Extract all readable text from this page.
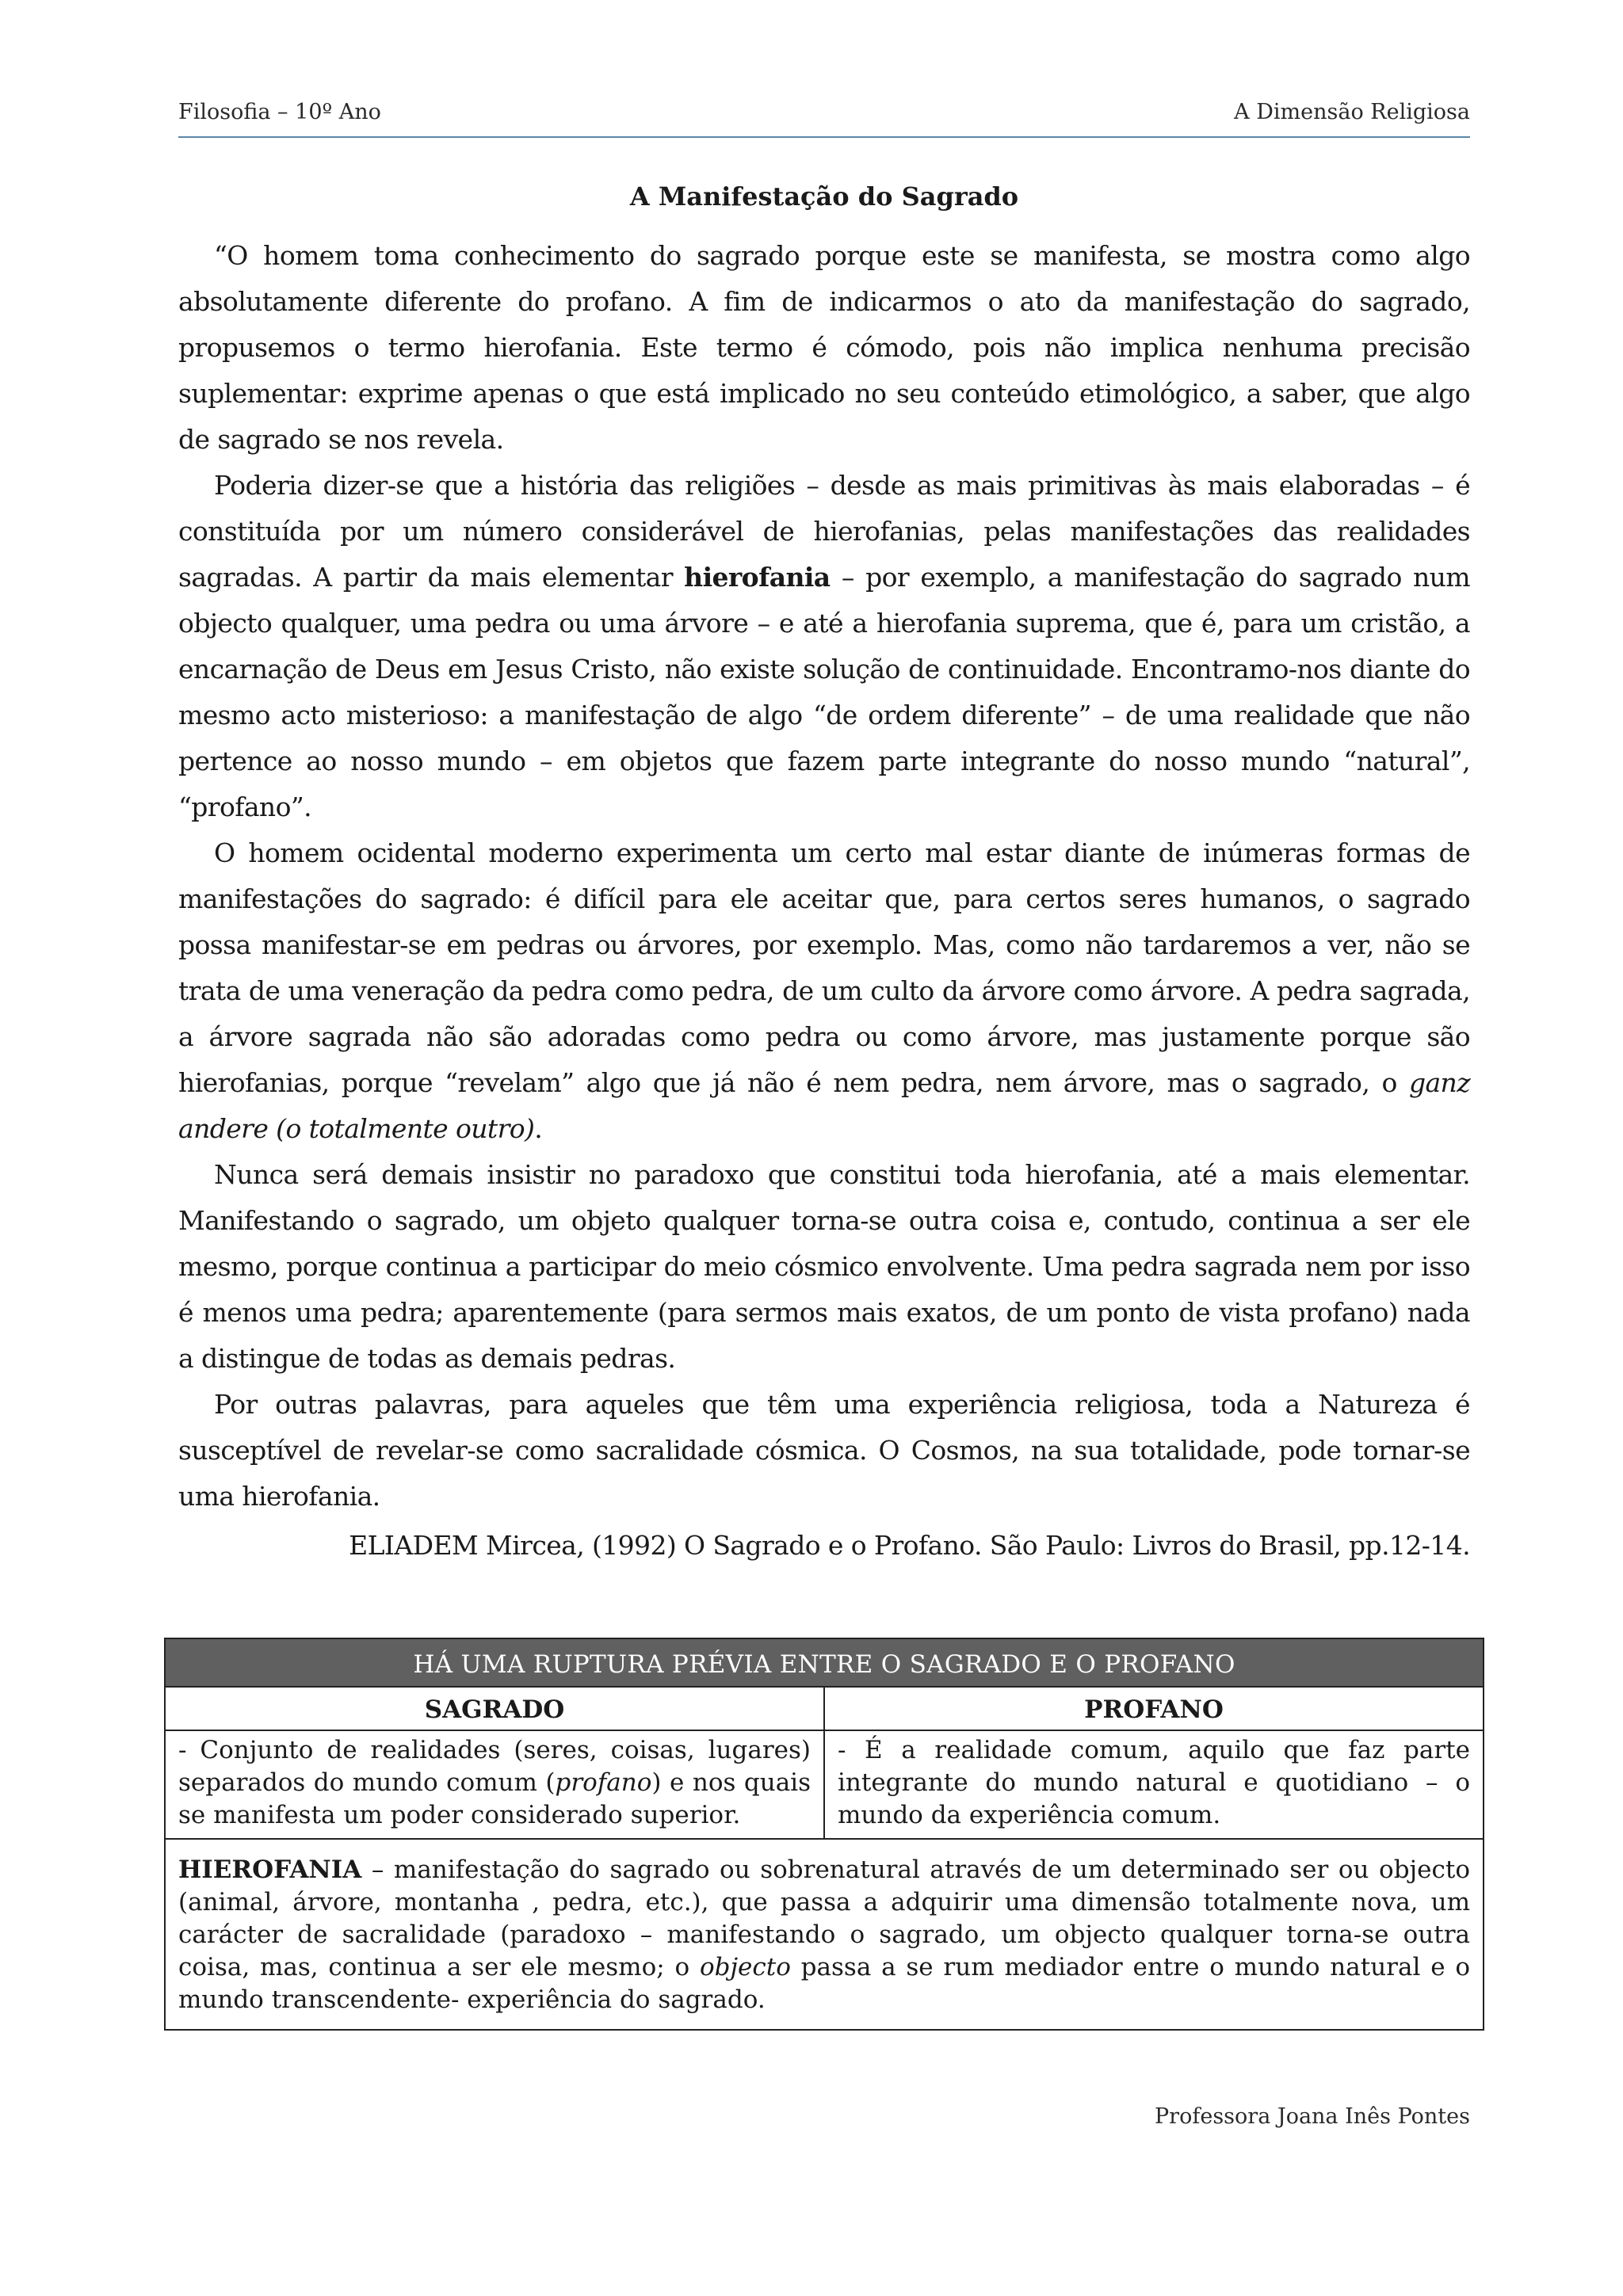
Filosofia – 10º Ano	A Dimensão Religiosa
A Manifestação do Sagrado

“O homem toma conhecimento do sagrado porque este se manifesta, se mostra como algo absolutamente diferente do profano. A fim de indicarmos o ato da manifestação do sagrado, propusemos o termo hierofania. Este termo é cómodo, pois não implica nenhuma precisão suplementar: exprime apenas o que está implicado no seu conteúdo etimológico, a saber, que algo de sagrado se nos revela.

Poderia dizer-se que a história das religiões – desde as mais primitivas às mais elaboradas – é constituída por um número considerável de hierofanias, pelas manifestações das realidades sagradas. A partir da mais elementar hierofania – por exemplo, a manifestação do sagrado num objecto qualquer, uma pedra ou uma árvore – e até a hierofania suprema, que é, para um cristão, a encarnação de Deus em Jesus Cristo, não existe solução de continuidade. Encontramo-nos diante do mesmo acto misterioso: a manifestação de algo “de ordem diferente” – de uma realidade que não pertence ao nosso mundo – em objetos que fazem parte integrante do nosso mundo “natural”, “profano”.

O homem ocidental moderno experimenta um certo mal estar diante de inúmeras formas de manifestações do sagrado: é difícil para ele aceitar que, para certos seres humanos, o sagrado possa manifestar-se em pedras ou árvores, por exemplo. Mas, como não tardaremos a ver, não se trata de uma veneração da pedra como pedra, de um culto da árvore como árvore. A pedra sagrada, a árvore sagrada não são adoradas como pedra ou como árvore, mas justamente porque são hierofanias, porque “revelam” algo que já não é nem pedra, nem árvore, mas o sagrado, o ganz andere (o totalmente outro).

Nunca será demais insistir no paradoxo que constitui toda hierofania, até a mais elementar. Manifestando o sagrado, um objeto qualquer torna-se outra coisa e, contudo, continua a ser ele mesmo, porque continua a participar do meio cósmico envolvente. Uma pedra sagrada nem por isso é menos uma pedra; aparentemente (para sermos mais exatos, de um ponto de vista profano) nada a distingue de todas as demais pedras.

Por outras palavras, para aqueles que têm uma experiência religiosa, toda a Natureza é susceptível de revelar-se como sacralidade cósmica. O Cosmos, na sua totalidade, pode tornar-se uma hierofania.

ELIADEM Mircea, (1992) O Sagrado e o Profano. São Paulo: Livros do Brasil, pp.12-14.

HÁ UMA RUPTURA PRÉVIA ENTRE O SAGRADO E O PROFANO	
SAGRADO	PROFANO
- Conjunto de realidades (seres, coisas, lugares) separados do mundo comum (profano) e nos quais se manifesta um poder considerado superior.	- É a realidade comum, aquilo que faz parte integrante do mundo natural e quotidiano – o mundo da experiência comum.
HIEROFANIA – manifestação do sagrado ou sobrenatural através de um determinado ser ou objecto (animal, árvore, montanha , pedra, etc.), que passa a adquirir uma dimensão totalmente nova, um carácter de sacralidade (paradoxo – manifestando o sagrado, um objecto qualquer torna-se outra coisa, mas, continua a ser ele mesmo; o objecto passa a se rum mediador entre o mundo natural e o mundo transcendente- experiência do sagrado.	
Professora Joana Inês Pontes
